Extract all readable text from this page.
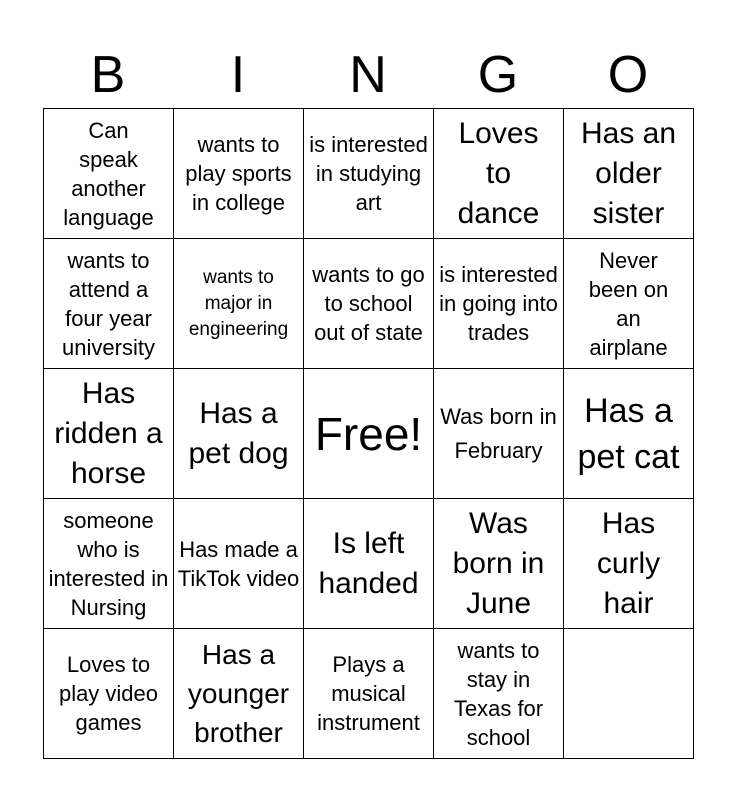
B	I	N	G	O
Can speak another language	wants to play sports in college	is interested in studying art	Loves to dance	Has an older sister

wants to attend a four year university	wants to major in engineering	wants to go to school out of state	is interested in going into trades	Never been on an airplane

Has ridden a horse	Has a pet dog	Free!	Was born in February	Has a pet cat

someone who is interested in Nursing	Has made a TikTok video	Is left handed	Was born in June	Has curly hair

Loves to play video games	Has a younger brother	Plays a musical instrument	wants to stay in Texas for school	
